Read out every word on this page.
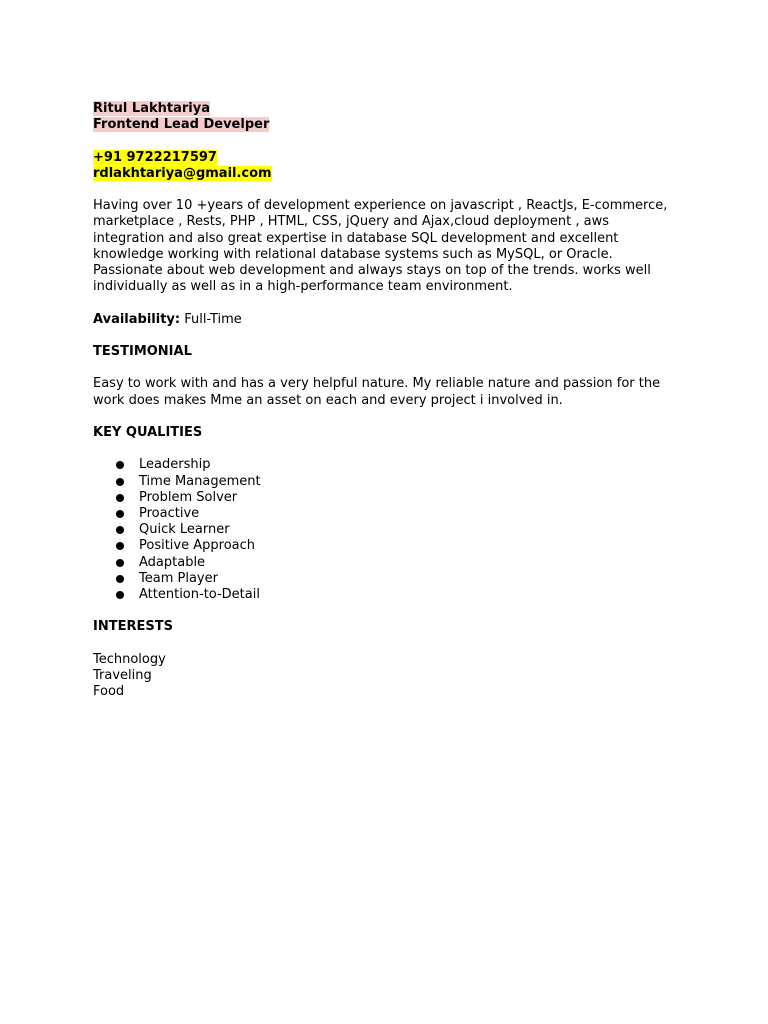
Ritul Lakhtariya
Frontend Lead Develper
+91 9722217597
rdlakhtariya@gmail.com
Having over 10 +years of development experience on javascript , ReactJs, E-commerce,
marketplace , Rests, PHP , HTML, CSS, jQuery and Ajax,cloud deployment , aws
integration and also great expertise in database SQL development and excellent
knowledge working with relational database systems such as MySQL, or Oracle.
Passionate about web development and always stays on top of the trends. works well
individually as well as in a high-performance team environment.
Availability: Full-Time
TESTIMONIAL
Easy to work with and has a very helpful nature. My reliable nature and passion for the
work does makes Mme an asset on each and every project i involved in.
KEY QUALITIES
Leadership
Time Management
Problem Solver
Proactive
Quick Learner
Positive Approach
Adaptable
Team Player
Attention-to-Detail
INTERESTS
Technology
Traveling
Food
